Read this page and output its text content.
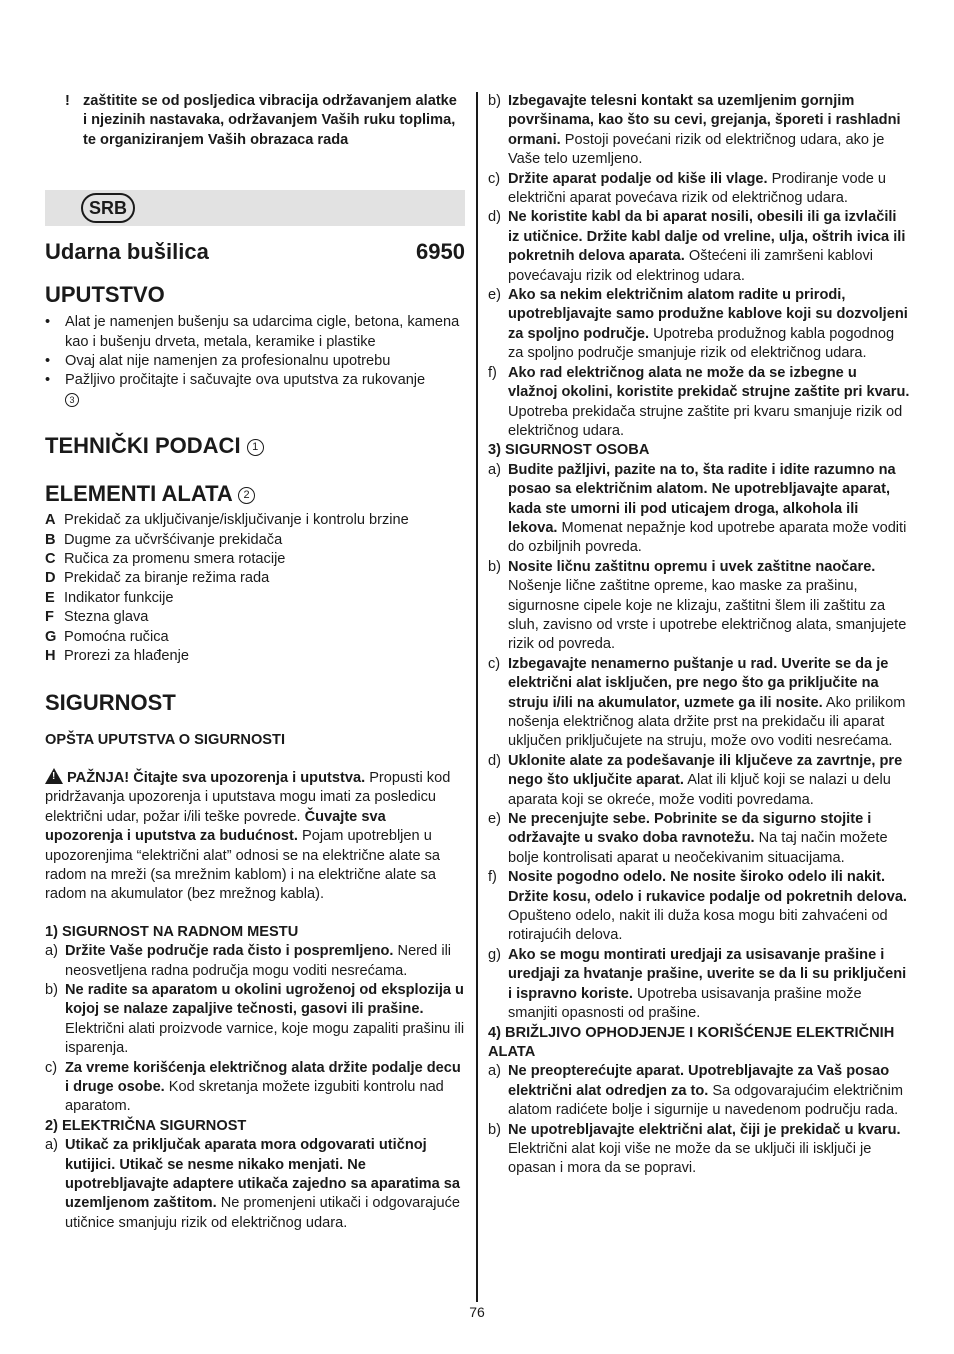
! zaštitite se od posljedica vibracija održavanjem alatke i njezinih nastavaka, održavanjem Vaših ruku toplima, te organiziranjem Vaših obrazaca rada
SRB
Udarna bušilica	6950
UPUTSTVO
•	Alat je namenjen bušenju sa udarcima cigle, betona, kamena kao i bušenju drveta, metala, keramike i plastike
•	Ovaj alat nije namenjen za profesionalnu upotrebu
•	Pažljivo pročitajte i sačuvajte ova uputstva za rukovanje
3
TEHNIČKI PODACI 1
ELEMENTI ALATA 2
A Prekidač za uključivanje/isključivanje i kontrolu brzine
B Dugme za učvršćivanje prekidača
C Ručica za promenu smera rotacije
D Prekidač za biranje režima rada
E Indikator funkcije
F Stezna glava
G Pomoćna ručica
H Prorezi za hlađenje
SIGURNOST

OPŠTA UPUTSTVA O SIGURNOSTI

!PAŽNJA! Čitajte sva upozorenja i uputstva. Propusti kod pridržavanja upozorenja i uputstava mogu imati za posledicu električni udar, požar i/ili teške povrede. Čuvajte sva upozorenja i uputstva za budućnost. Pojam upotrebljen u upozorenjima “električni alat” odnosi se na električne alate sa radom na mreži (sa mrežnim kablom) i na električne alate sa radom na akumulator (bez mrežnog kabla).

1) SIGURNOST NA RADNOM MESTU

a) Držite Vaše područje rada čisto i pospremljeno. Nered ili neosvetljena radna područja mogu voditi nesrećama.
b) Ne radite sa aparatom u okolini ugroženoj od eksplozija u kojoj se nalaze zapaljive tečnosti, gasovi ili prašine. Električni alati proizvode varnice, koje mogu zapaliti prašinu ili isparenja.
c) Za vreme korišćenja električnog alata držite podalje decu i druge osobe. Kod skretanja možete izgubiti kontrolu nad aparatom.

2) ELEKTRIČNA SIGURNOST

a) Utikač za priključak aparata mora odgovarati utičnoj kutijici. Utikač se nesme nikako menjati. Ne upotrebljavajte adaptere utikača zajedno sa aparatima sa uzemljenom zaštitom. Ne promenjeni utikači i odgovarajuće utičnice smanjuju rizik od električnog udara.
b) Izbegavajte telesni kontakt sa uzemljenim gornjim površinama, kao što su cevi, grejanja, šporeti i rashladni ormani. Postoji povećani rizik od električnog udara, ako je Vaše telo uzemljeno.
c) Držite aparat podalje od kiše ili vlage. Prodiranje vode u električni aparat povećava rizik od električnog udara.
d) Ne koristite kabl da bi aparat nosili, obesili ili ga izvlačili iz utičnice. Držite kabl dalje od vreline, ulja, oštrih ivica ili pokretnih delova aparata. Oštećeni ili zamršeni kablovi povećavaju rizik od elektrinog udara.
e) Ako sa nekim električnim alatom radite u prirodi, upotrebljavajte samo produžne kablove koji su dozvoljeni za spoljno područje. Upotreba produžnog kabla pogodnog za spoljno područje smanjuje rizik od električnog udara.
f) Ako rad električnog alata ne može da se izbegne u vlažnoj okolini, koristite prekidač strujne zaštite pri kvaru. Upotreba prekidača strujne zaštite pri kvaru smanjuje rizik od električnog udara.

3) SIGURNOST OSOBA

a) Budite pažljivi, pazite na to, šta radite i idite razumno na posao sa električnim alatom. Ne upotrebljavajte aparat, kada ste umorni ili pod uticajem droga, alkohola ili lekova. Momenat nepažnje kod upotrebe aparata može voditi do ozbiljnih povreda.
b) Nosite ličnu zaštitnu opremu i uvek zaštitne naočare. Nošenje lične zaštitne opreme, kao maske za prašinu, sigurnosne cipele koje ne klizaju, zaštitni šlem ili zaštitu za sluh, zavisno od vrste i upotrebe električnog alata, smanjujete rizik od povreda.
c) Izbegavajte nenamerno puštanje u rad. Uverite se da je električni alat isključen, pre nego što ga priključite na struju i/ili na akumulator, uzmete ga ili nosite. Ako prilikom nošenja električnog alata držite prst na prekidaču ili aparat uključen priključujete na struju, može ovo voditi nesrećama.
d) Uklonite alate za podešavanje ili ključeve za zavrtnje, pre nego što uključite aparat. Alat ili ključ koji se nalazi u delu aparata koji se okreće, može voditi povredama.
e) Ne precenjujte sebe. Pobrinite se da sigurno stojite i održavajte u svako doba ravnotežu. Na taj način možete bolje kontrolisati aparat u neočekivanim situacijama.
f) Nosite pogodno odelo. Ne nosite široko odelo ili nakit. Držite kosu, odelo i rukavice podalje od pokretnih delova. Opušteno odelo, nakit ili duža kosa mogu biti zahvaćeni od rotirajućih delova.
g) Ako se mogu montirati uredjaji za usisavanje prašine i uredjaji za hvatanje prašine, uverite se da li su priključeni i ispravno koriste. Upotreba usisavanja prašine može smanjiti opasnosti od prašine.

4) BRIŽLJIVO OPHODJENJE I KORIŠĆENJE ELEKTRIČNIH ALATA

a) Ne preopterećujte aparat. Upotrebljavajte za Vaš posao električni alat odredjen za to. Sa odgovarajućim električnim alatom radićete bolje i sigurnije u navedenom području rada.
b) Ne upotrebljavajte električni alat, čiji je prekidač u kvaru. Električni alat koji više ne može da se uključi ili isključi je opasan i mora da se popravi.
76
